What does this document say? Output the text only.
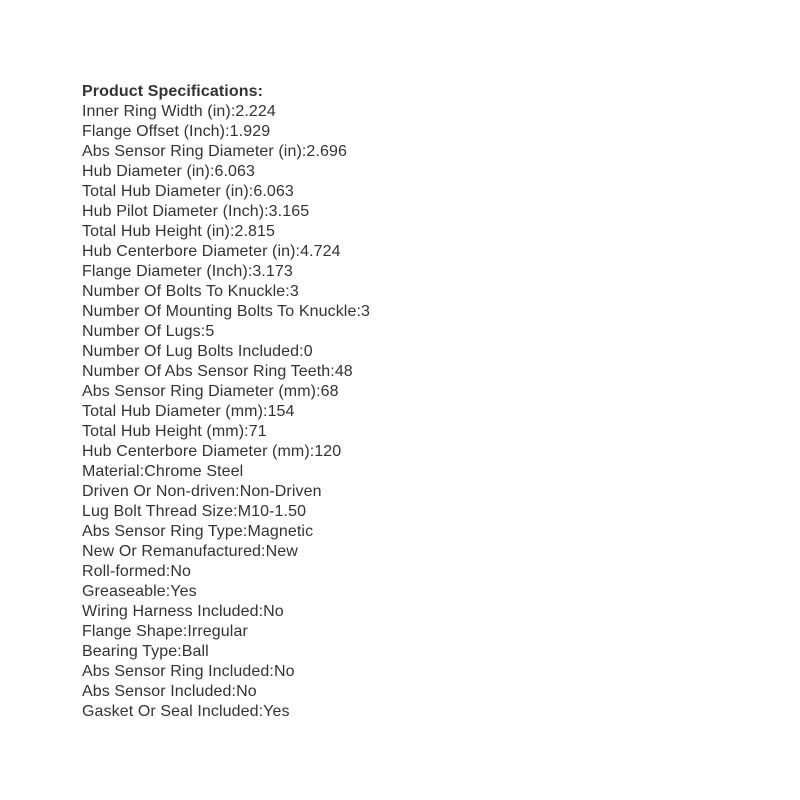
Product Specifications:
Inner Ring Width (in):2.224
Flange Offset (Inch):1.929
Abs Sensor Ring Diameter (in):2.696
Hub Diameter (in):6.063
Total Hub Diameter (in):6.063
Hub Pilot Diameter (Inch):3.165
Total Hub Height (in):2.815
Hub Centerbore Diameter (in):4.724
Flange Diameter (Inch):3.173
Number Of Bolts To Knuckle:3
Number Of Mounting Bolts To Knuckle:3
Number Of Lugs:5
Number Of Lug Bolts Included:0
Number Of Abs Sensor Ring Teeth:48
Abs Sensor Ring Diameter (mm):68
Total Hub Diameter (mm):154
Total Hub Height (mm):71
Hub Centerbore Diameter (mm):120
Material:Chrome Steel
Driven Or Non-driven:Non-Driven
Lug Bolt Thread Size:M10-1.50
Abs Sensor Ring Type:Magnetic
New Or Remanufactured:New
Roll-formed:No
Greaseable:Yes
Wiring Harness Included:No
Flange Shape:Irregular
Bearing Type:Ball
Abs Sensor Ring Included:No
Abs Sensor Included:No
Gasket Or Seal Included:Yes
